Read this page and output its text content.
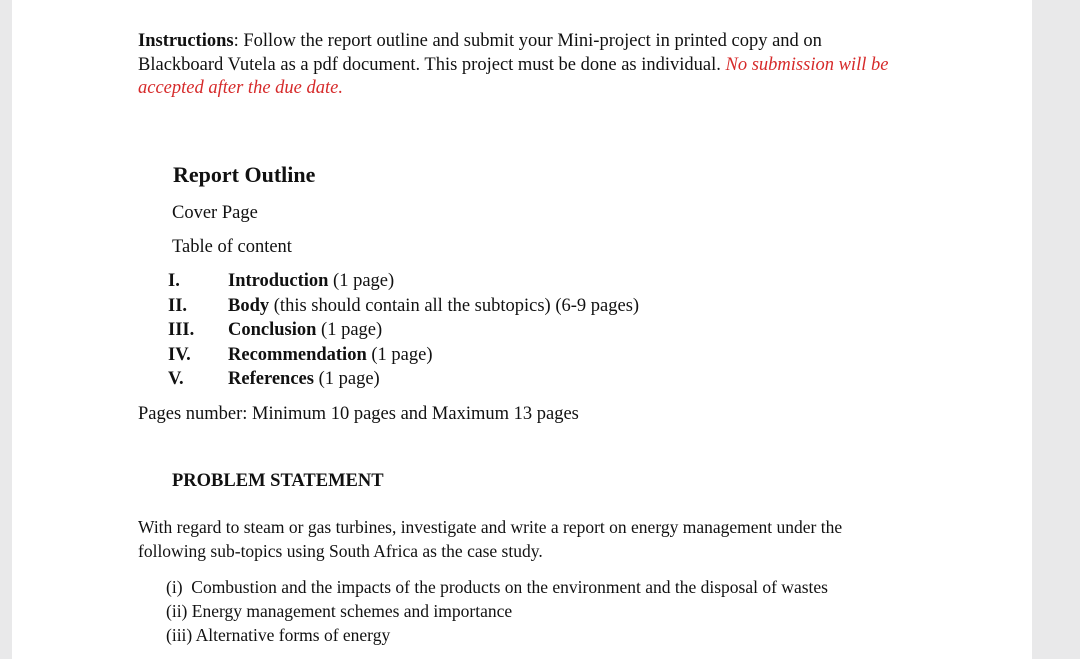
Instructions: Follow the report outline and submit your Mini-project in printed copy and on Blackboard Vutela as a pdf document. This project must be done as individual. No submission will be accepted after the due date.
Report Outline
Cover Page
Table of content
I.	Introduction (1 page)
II. Body (this should contain all the subtopics) (6-9 pages)
III. Conclusion (1 page)
IV. Recommendation (1 page)
V. References (1 page)
Pages number: Minimum 10 pages and Maximum 13 pages
PROBLEM STATEMENT
With regard to steam or gas turbines, investigate and write a report on energy management under the following sub-topics using South Africa as the case study.
(i)  Combustion and the impacts of the products on the environment and the disposal of wastes
(ii) Energy management schemes and importance
(iii) Alternative forms of energy
